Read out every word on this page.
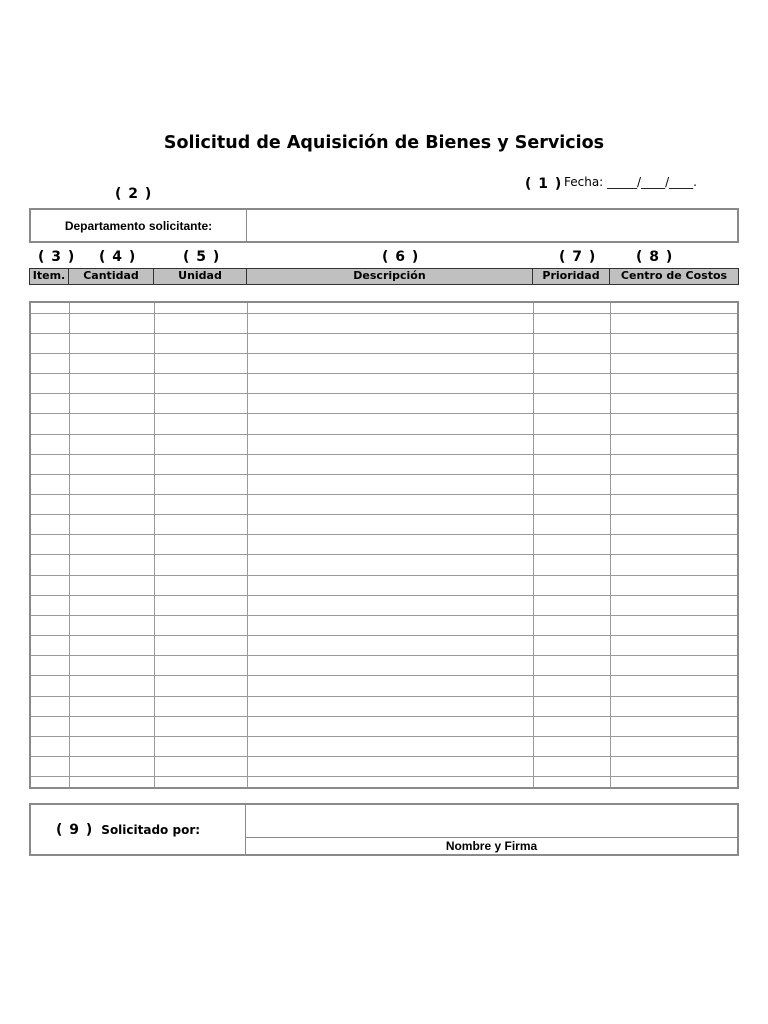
Solicitud de Aquisición de Bienes y Servicios
( 1 ) Fecha: _____/____/____.
( 2 )
Departamento solicitante:
( 3 ) ( 4 )	( 5 )	( 6 )	( 7 )	( 8 )
Item.	Cantidad	Unidad	Descripción	Prioridad	Centro de Costos

( 9 ) Solicitado por:
Nombre y Firma
